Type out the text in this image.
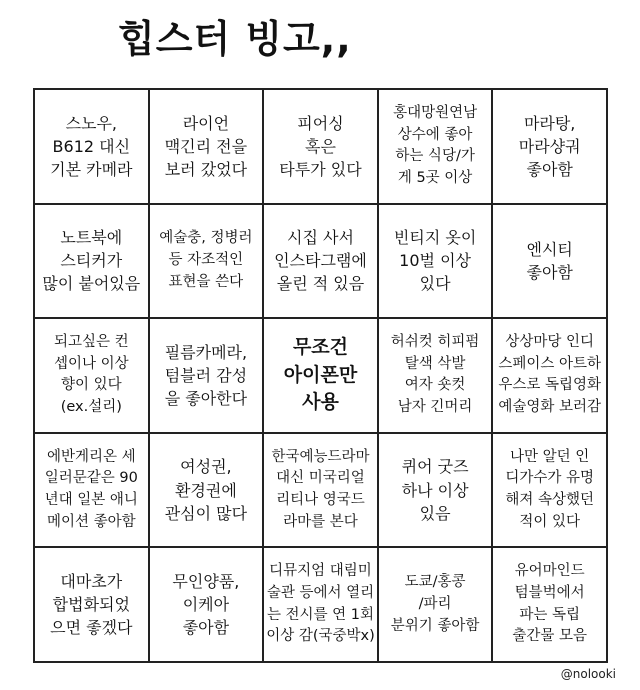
힙스터 빙고,,
스노우,
B612 대신
기본 카메라
라이언
맥긴리 전을
보러 갔었다
피어싱
혹은
타투가 있다
홍대망원연남
상수에 좋아
하는 식당/가
게 5곳 이상
마라탕,
마라샹궈
좋아함
노트북에
스티커가
많이 붙어있음
예술충, 정병러
등 자조적인
표현을 쓴다
시집 사서
인스타그램에
올린 적 있음
빈티지 옷이
10벌 이상
있다
엔시티
좋아함
되고싶은 컨
셉이나 이상
향이 있다
(ex.설리)
필름카메라,
텀블러 감성
을 좋아한다
무조건
아이폰만
사용
허쉬컷 히피펌
탈색 삭발
여자 숏컷
남자 긴머리
상상마당 인디
스페이스 아트하
우스로 독립영화
예술영화 보러감
에반게리온 세
일러문같은 90
년대 일본 애니
메이션 좋아함
여성권,
환경권에
관심이 많다
한국예능드라마
대신 미국리얼
리티나 영국드
라마를 본다
퀴어 굿즈
하나 이상
있음
나만 알던 인
디가수가 유명
해져 속상했던
적이 있다
대마초가
합법화되었
으면 좋겠다
무인양품,
이케아
좋아함
디뮤지엄 대림미
술관 등에서 열리
는 전시를 연 1회
이상 감(국중박x)
도쿄/홍콩
/파리
분위기 좋아함
유어마인드
텀블벅에서
파는 독립
출간물 모음
@nolooki
